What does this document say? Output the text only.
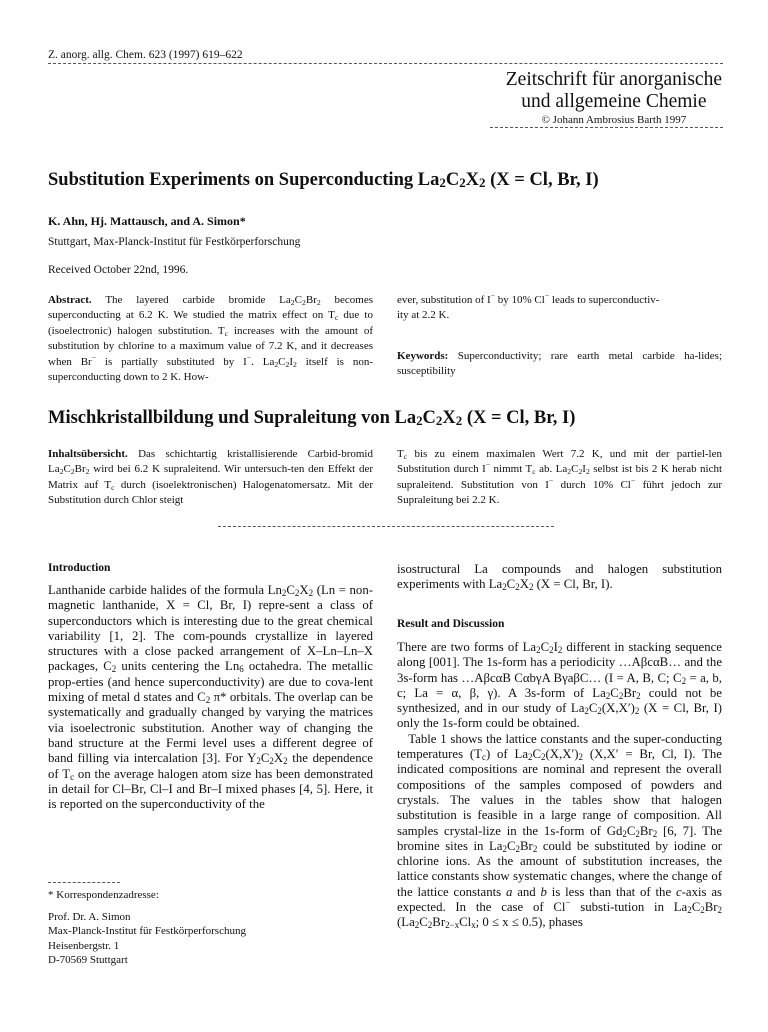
Z. anorg. allg. Chem. 623 (1997) 619–622
Zeitschrift für anorganische
und allgemeine Chemie
© Johann Ambrosius Barth 1997
Substitution Experiments on Superconducting $La_2C_2X_2$ (X = Cl, Br, I)
K. Ahn, Hj. Mattausch, and A. Simon*
Stuttgart, Max-Planck-Institut für Festkörperforschung
Received October 22nd, 1996.
Abstract. The layered carbide bromide $La_2C_2Br_2$ becomes superconducting at 6.2 K. We studied the matrix effect on $T_c$ due to (isoelectronic) halogen substitution. $T_c$ increases with the amount of substitution by chlorine to a maximum value of 7.2 K, and it decreases when Br− is partially substituted by I−. $La_2C_2I_2$ itself is non-superconducting down to 2 K. How-
ever, substitution of I− by 10% Cl− leads to superconductiv-
ity at 2.2 K.
Keywords: Superconductivity; rare earth metal carbide ha-lides; susceptibility
Mischkristallbildung und Supraleitung von $La_2C_2X_2$ (X = Cl, Br, I)
Inhaltsübersicht. Das schichtartig kristallisierende Carbid-bromid $La_2C_2Br_2$ wird bei 6.2 K supraleitend. Wir untersuch-ten den Effekt der Matrix auf $T_c$ durch (isoelektronischen) Halogenatomersatz. Mit der Substitution durch Chlor steigt
$T_c$ bis zu einem maximalen Wert 7.2 K, und mit der partiel-len Substitution durch I− nimmt $T_c$ ab. $La_2C_2I_2$ selbst ist bis 2 K herab nicht supraleitend. Substitution von I− durch 10% Cl− führt jedoch zur Supraleitung bei 2.2 K.
Introduction
Lanthanide carbide halides of the formula $Ln_2C_2X_2$ (Ln = non-magnetic lanthanide, X = Cl, Br, I) repre-sent a class of superconductors which is interesting due to the great chemical variability [1, 2]. The com-pounds crystallize in layered structures with a close packed arrangement of X–Ln–Ln–X packages, $C_2$ units centering the $Ln_6$ octahedra. The metallic prop-erties (and hence superconductivity) are due to cova-lent mixing of metal d states and $C_2$ π* orbitals. The overlap can be systematically and gradually changed by varying the matrices via isoelectronic substitution. Another way of changing the band structure at the Fermi level uses a different degree of band filling via intercalation [3]. For $Y_2C_2X_2$ the dependence of $T_c$ on the average halogen atom size has been demonstrated in detail for Cl–Br, Cl–I and Br–I mixed phases [4, 5]. Here, it is reported on the superconductivity of the
* Korrespondenzadresse:
Prof. Dr. A. Simon
Max-Planck-Institut für Festkörperforschung
Heisenbergstr. 1
D-70569 Stuttgart
isostructural La compounds and halogen substitution experiments with $La_2C_2X_2$ (X = Cl, Br, I).
Result and Discussion
There are two forms of $La_2C_2I_2$ different in stacking sequence along [001]. The 1s-form has a periodicity …AβcαB… and the 3s-form has …AβcαB CαbγA BγaβC… (I = A, B, C; $C_2 = a$, b, c; La = α, β, γ). A 3s-form of $La_2C_2Br_2$ could not be synthesized, and in our study of $La_2C_2(X,X')_2$ (X = Cl, Br, I) only the 1s-form could be obtained.
Table 1 shows the lattice constants and the super-conducting temperatures $(T_c)$ of $La_2C_2(X,X')_2$ (X,X′ = Br, Cl, I). The indicated compositions are nominal and represent the overall compositions of the samples composed of powders and crystals. The values in the tables show that halogen substitution is feasible in a large range of composition. All samples crystal-lize in the 1s-form of $Gd_2C_2Br_2$ [6, 7]. The bromine sites in $La_2C_2Br_2$ could be substituted by iodine or chlorine ions. As the amount of substitution increases, the lattice constants show systematic changes, where the change of the lattice constants a and b is less than that of the c-axis as expected. In the case of Cl− substi-tution in $La_2C_2Br_2$ ($La_2C_2Br_{2-x}Cl_x$; 0 ≤ x ≤ 0.5), phases
